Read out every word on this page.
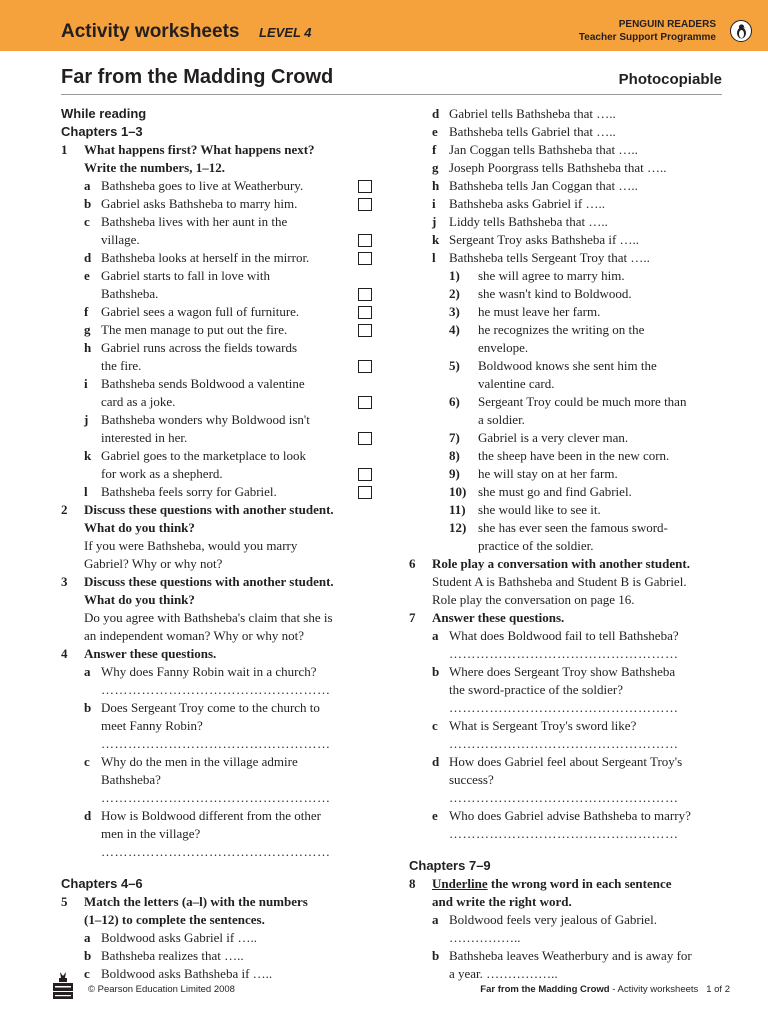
Activity worksheets LEVEL 4
PENGUIN READERS
Teacher Support Programme
Far from the Madding Crowd	Photocopiable
While reading
Chapters 1–3
1 What happens first? What happens next?
Write the numbers, 1–12.
a Bathsheba goes to live at Weatherbury.
b Gabriel asks Bathsheba to marry him.
c Bathsheba lives with her aunt in the
village.
d Bathsheba looks at herself in the mirror.
e Gabriel starts to fall in love with
Bathsheba.
f Gabriel sees a wagon full of furniture.
g The men manage to put out the fire.
h Gabriel runs across the fields towards
the fire.
i Bathsheba sends Boldwood a valentine
card as a joke.
j Bathsheba wonders why Boldwood isn't
interested in her.
k Gabriel goes to the marketplace to look
for work as a shepherd.
l Bathsheba feels sorry for Gabriel.
2 Discuss these questions with another student.
What do you think?
If you were Bathsheba, would you marry
Gabriel? Why or why not?
3 Discuss these questions with another student.
What do you think?
Do you agree with Bathsheba's claim that she is
an independent woman? Why or why not?
4 Answer these questions.
a Why does Fanny Robin wait in a church?
……………………………………………
b Does Sergeant Troy come to the church to
meet Fanny Robin?
……………………………………………
c Why do the men in the village admire
Bathsheba?
……………………………………………
d How is Boldwood different from the other
men in the village?
……………………………………………
Chapters 4–6
5 Match the letters (a–l) with the numbers
(1–12) to complete the sentences.
a Boldwood asks Gabriel if …..
b Bathsheba realizes that …..
c Boldwood asks Bathsheba if …..
d Gabriel tells Bathsheba that …..
e Bathsheba tells Gabriel that …..
f Jan Coggan tells Bathsheba that …..
g Joseph Poorgrass tells Bathsheba that …..
h Bathsheba tells Jan Coggan that …..
i Bathsheba asks Gabriel if …..
j Liddy tells Bathsheba that …..
k Sergeant Troy asks Bathsheba if …..
l Bathsheba tells Sergeant Troy that …..
1) she will agree to marry him.
2) she wasn't kind to Boldwood.
3) he must leave her farm.
4) he recognizes the writing on the
envelope.
5) Boldwood knows she sent him the
valentine card.
6) Sergeant Troy could be much more than
a soldier.
7) Gabriel is a very clever man.
8) the sheep have been in the new corn.
9) he will stay on at her farm.
10) she must go and find Gabriel.
11) she would like to see it.
12) she has ever seen the famous sword-
practice of the soldier.
6 Role play a conversation with another student.
Student A is Bathsheba and Student B is Gabriel.
Role play the conversation on page 16.
7 Answer these questions.
a What does Boldwood fail to tell Bathsheba?
……………………………………………
b Where does Sergeant Troy show Bathsheba
the sword-practice of the soldier?
……………………………………………
c What is Sergeant Troy's sword like?
……………………………………………
d How does Gabriel feel about Sergeant Troy's
success?
……………………………………………
e Who does Gabriel advise Bathsheba to marry?
……………………………………………
Chapters 7–9
8 Underline the wrong word in each sentence
and write the right word.
a Boldwood feels very jealous of Gabriel.
……………..
b Bathsheba leaves Weatherbury and is away for
a year. ……………..
© Pearson Education Limited 2008	Far from the Madding Crowd - Activity worksheets 1 of 2
